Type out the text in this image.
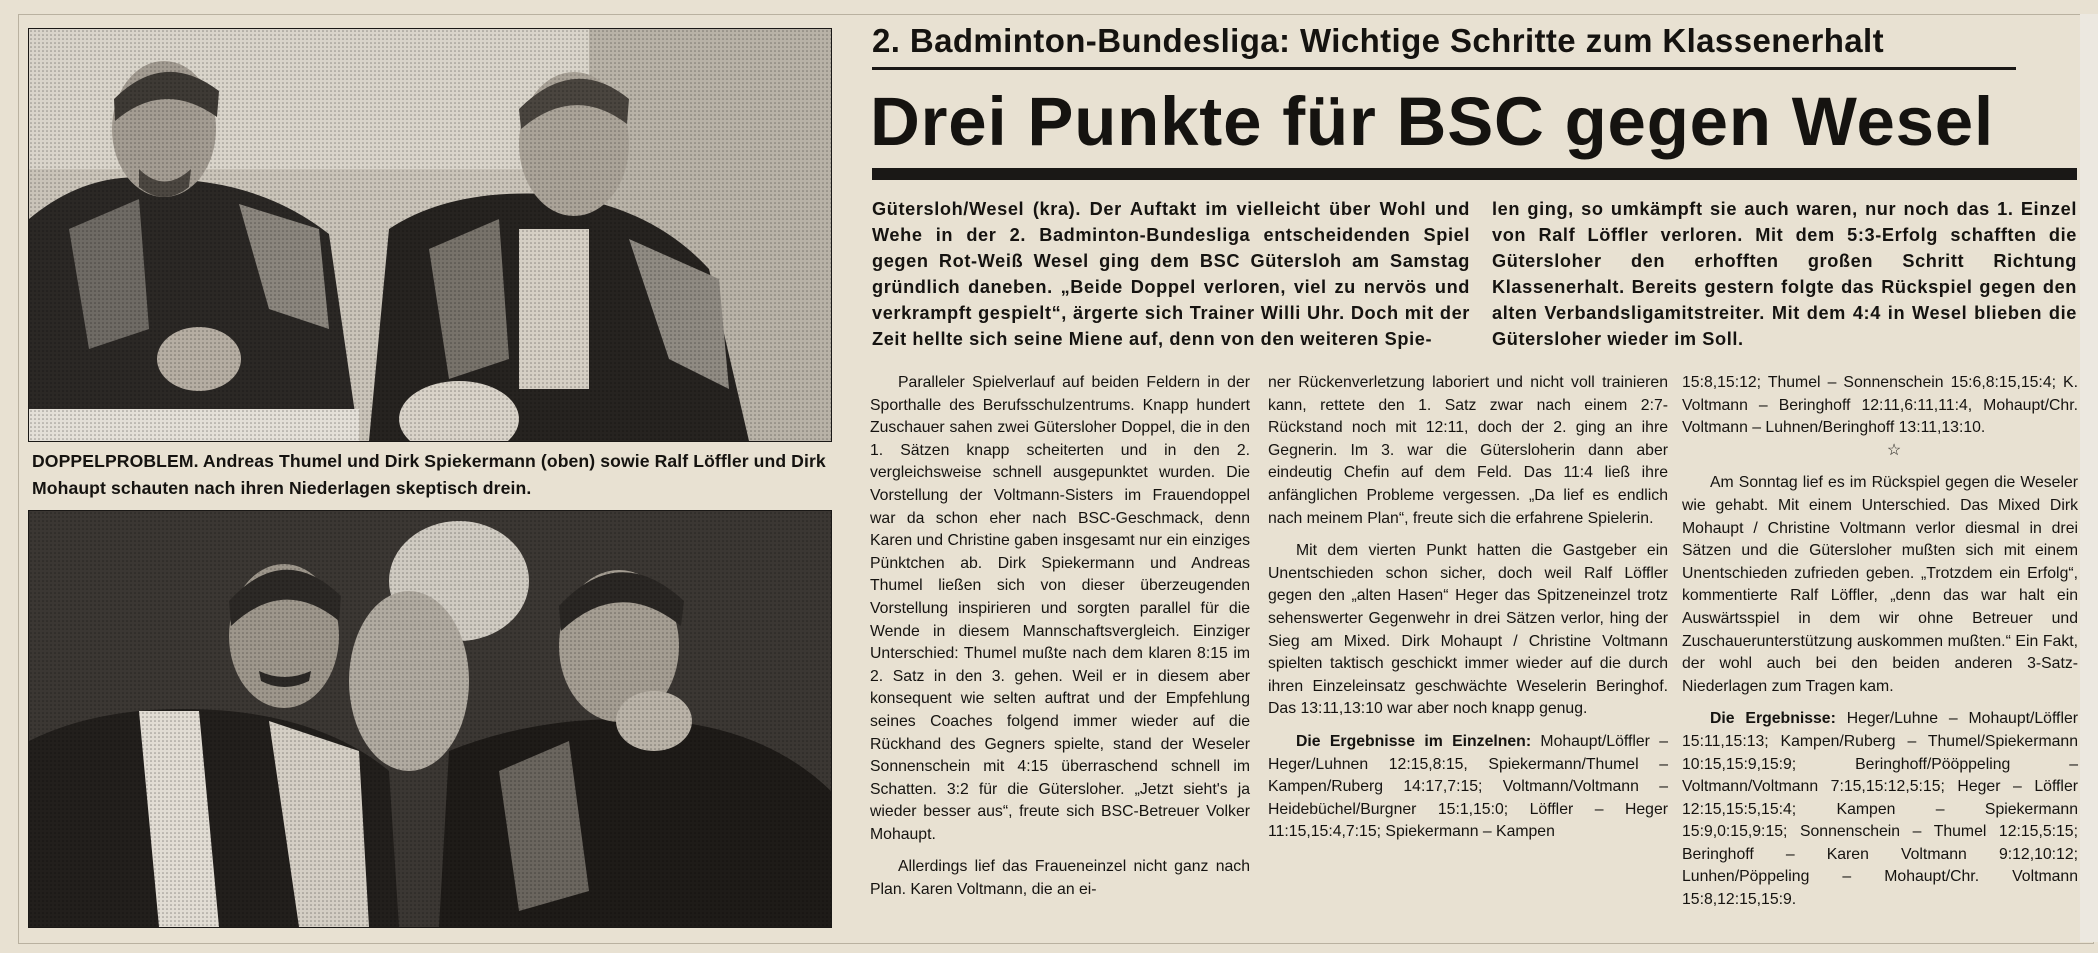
DOPPELPROBLEM. Andreas Thumel und Dirk Spiekermann (oben) sowie Ralf Löffler und Dirk Mohaupt schauten nach ihren Niederlagen skeptisch drein.
2. Badminton-Bundesliga: Wichtige Schritte zum Klassenerhalt
Drei Punkte für BSC gegen Wesel
Gütersloh/Wesel (kra). Der Auftakt im vielleicht über Wohl und Wehe in der 2. Badminton-Bundesliga entscheidenden Spiel gegen Rot-Weiß Wesel ging dem BSC Gütersloh am Samstag gründlich daneben. „Beide Doppel verloren, viel zu nervös und verkrampft gespielt“, ärgerte sich Trainer Willi Uhr. Doch mit der Zeit hellte sich seine Miene auf, denn von den weiteren Spie-
len ging, so umkämpft sie auch waren, nur noch das 1. Einzel von Ralf Löffler verloren. Mit dem 5:3-Erfolg schafften die Gütersloher den erhofften großen Schritt Richtung Klassenerhalt. Bereits gestern folgte das Rückspiel gegen den alten Verbandsligamitstreiter. Mit dem 4:4 in Wesel blieben die Gütersloher wieder im Soll.

Paralleler Spielverlauf auf beiden Feldern in der Sporthalle des Berufsschulzentrums. Knapp hundert Zuschauer sahen zwei Gütersloher Doppel, die in den 1. Sätzen knapp scheiterten und in den 2. vergleichsweise schnell ausgepunktet wurden. Die Vorstellung der Voltmann-Sisters im Frauendoppel war da schon eher nach BSC-Geschmack, denn Karen und Christine gaben insgesamt nur ein einziges Pünktchen ab. Dirk Spiekermann und Andreas Thumel ließen sich von dieser überzeugenden Vorstellung inspirieren und sorgten parallel für die Wende in diesem Mannschaftsvergleich. Einziger Unterschied: Thumel mußte nach dem klaren 8:15 im 2. Satz in den 3. gehen. Weil er in diesem aber konsequent wie selten auftrat und der Empfehlung seines Coaches folgend immer wieder auf die Rückhand des Gegners spielte, stand der Weseler Sonnenschein mit 4:15 überraschend schnell im Schatten. 3:2 für die Gütersloher. „Jetzt sieht's ja wieder besser aus“, freute sich BSC-Betreuer Volker Mohaupt.

Allerdings lief das Fraueneinzel nicht ganz nach Plan. Karen Voltmann, die an ei-

ner Rückenverletzung laboriert und nicht voll trainieren kann, rettete den 1. Satz zwar nach einem 2:7-Rückstand noch mit 12:11, doch der 2. ging an ihre Gegnerin. Im 3. war die Gütersloherin dann aber eindeutig Chefin auf dem Feld. Das 11:4 ließ ihre anfänglichen Probleme vergessen. „Da lief es endlich nach meinem Plan“, freute sich die erfahrene Spielerin.

Mit dem vierten Punkt hatten die Gastgeber ein Unentschieden schon sicher, doch weil Ralf Löffler gegen den „alten Hasen“ Heger das Spitzeneinzel trotz sehenswerter Gegenwehr in drei Sätzen verlor, hing der Sieg am Mixed. Dirk Mohaupt / Christine Voltmann spielten taktisch geschickt immer wieder auf die durch ihren Einzeleinsatz geschwächte Weselerin Beringhof. Das 13:11,13:10 war aber noch knapp genug.

Die Ergebnisse im Einzelnen: Mohaupt/Löffler – Heger/Luhnen 12:15,8:15, Spiekermann/Thumel – Kampen/Ruberg 14:17,7:15; Voltmann/Voltmann – Heidebüchel/Burgner 15:1,15:0; Löffler – Heger 11:15,15:4,7:15; Spiekermann – Kampen

15:8,15:12; Thumel – Sonnenschein 15:6,8:15,15:4; K. Voltmann – Beringhoff 12:11,6:11,11:4, Mohaupt/Chr. Voltmann – Luhnen/Beringhoff 13:11,13:10.

☆

Am Sonntag lief es im Rückspiel gegen die Weseler wie gehabt. Mit einem Unterschied. Das Mixed Dirk Mohaupt / Christine Voltmann verlor diesmal in drei Sätzen und die Gütersloher mußten sich mit einem Unentschieden zufrieden geben. „Trotzdem ein Erfolg“, kommentierte Ralf Löffler, „denn das war halt ein Auswärtsspiel in dem wir ohne Betreuer und Zuschauerunterstützung auskommen mußten.“ Ein Fakt, der wohl auch bei den beiden anderen 3-Satz-Niederlagen zum Tragen kam.

Die Ergebnisse: Heger/Luhne – Mohaupt/Löffler 15:11,15:13; Kampen/Ruberg – Thumel/Spiekermann 10:15,15:9,15:9; Beringhoff/Pööppeling – Voltmann/Voltmann 7:15,15:12,5:15; Heger – Löffler 12:15,15:5,15:4; Kampen – Spiekermann 15:9,0:15,9:15; Sonnenschein – Thumel 12:15,5:15; Beringhoff – Karen Voltmann 9:12,10:12; Lunhen/Pöppeling – Mohaupt/Chr. Voltmann 15:8,12:15,15:9.
